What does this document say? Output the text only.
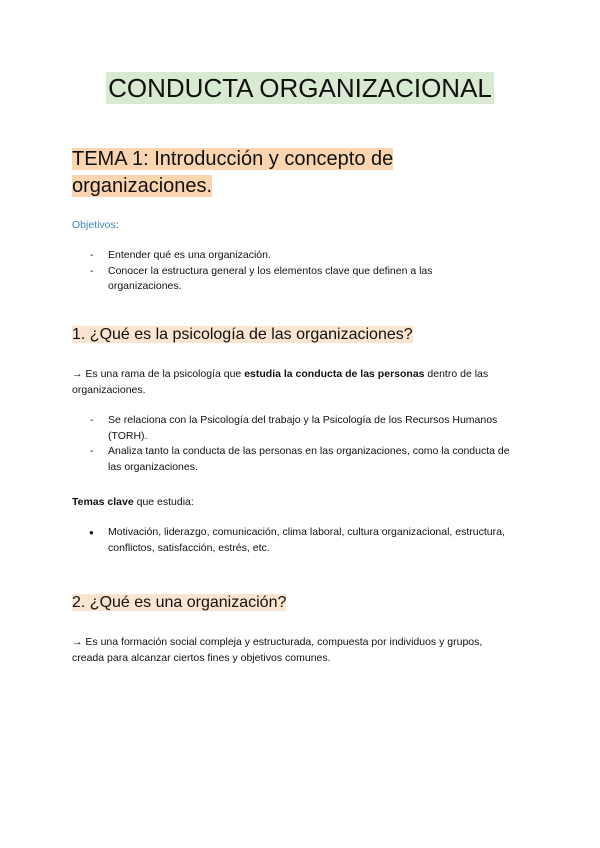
CONDUCTA ORGANIZACIONAL
TEMA 1: Introducción y concepto de organizaciones.
Objetivos:
- Entender qué es una organización.
- Conocer la estructura general y los elementos clave que definen a las organizaciones.
1. ¿Qué es la psicología de las organizaciones?
→ Es una rama de la psicología que estudia la conducta de las personas dentro de las organizaciones.
- Se relaciona con la Psicología del trabajo y la Psicología de los Recursos Humanos (TORH).
- Analiza tanto la conducta de las personas en las organizaciones, como la conducta de las organizaciones.
Temas clave que estudia:
● Motivación, liderazgo, comunicación, clima laboral, cultura organizacional, estructura, conflictos, satisfacción, estrés, etc.
2. ¿Qué es una organización?
→ Es una formación social compleja y estructurada, compuesta por individuos y grupos, creada para alcanzar ciertos fines y objetivos comunes.
